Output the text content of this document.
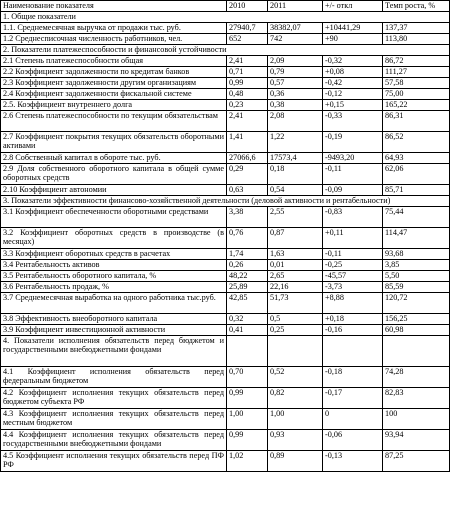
Наименование показателя	2010	2011	+/- откл	Темп роста, %
1. Общие показатели				
1.1. Среднемесячная выручка от продажи тыс. руб.	27940,7	38382,07	+10441,29	137,37
1.2 Среднесписочная численность работников, чел.	652	742	+90	113,80
2. Показатели платежеспособности и финансовой устойчивости				
2.1 Степень платежеспособности общая	2,41	2,09	-0,32	86,72
2.2 Коэффициент задолженности по кредитам банков	0,71	0,79	+0,08	111,27
2.3 Коэффициент задолженности другим организациям	0,99	0,57	-0,42	57,58
2.4 Коэффициент задолженности фискальной системе	0,48	0,36	-0,12	75,00
2.5. Коэффициент внутреннего долга	0,23	0,38	+0,15	165,22
2.6 Степень платежеспособности по текущим обязательствам	2,41	2,08	-0,33	86,31
2.7 Коэффициент покрытия текущих обязательств оборотными активами	1,41	1,22	-0,19	86,52
2.8 Собственный капитал в обороте тыс. руб.	27066,6	17573,4	-9493,20	64,93
2.9 Доля собственного оборотного капитала в общей сумме оборотных средств	0,29	0,18	-0,11	62,06
2.10 Коэффициент автономии	0,63	0,54	-0,09	85,71
3. Показатели эффективности финансово-хозяйственной деятельности (деловой активности и рентабельности)				
3.1 Коэффициент обеспеченности оборотными средствами	3,38	2,55	-0,83	75,44
3.2 Коэффициент оборотных средств в производстве (в месяцах)	0,76	0,87	+0,11	114,47
3.3 Коэффициент оборотных средств в расчетах	1,74	1,63	-0,11	93,68
3.4 Рентабельность активов	0,26	0,01	-0,25	3,85
3.5 Рентабельность оборотного капитала, %	48,22	2,65	-45,57	5,50
3.6 Рентабельность продаж, %	25,89	22,16	-3,73	85,59
3.7 Среднемесячная выработка на одного работника тыс.руб.	42,85	51,73	+8,88	120,72
3.8 Эффективность внеоборотного капитала	0,32	0,5	+0,18	156,25
3.9 Коэффициент инвестиционной активности	0,41	0,25	-0,16	60,98
4. Показатели исполнения обязательств перед бюджетом и государственными внебюджетными фондами				
4.1 Коэффициент исполнения обязательств перед федеральным бюджетом	0,70	0,52	-0,18	74,28
4.2 Коэффициент исполнения текущих обязательств перед бюджетом субъекта РФ	0,99	0,82	-0,17	82,83
4.3 Коэффициент исполнения текущих обязательств перед местным бюджетом	1,00	1,00	0	100
4.4 Коэффициент исполнения текущих обязательств перед государственными внебюджетными фондами	0,99	0,93	-0,06	93,94
4.5 Коэффициент исполнения текущих обязательств перед ПФ РФ	1,02	0,89	-0,13	87,25
